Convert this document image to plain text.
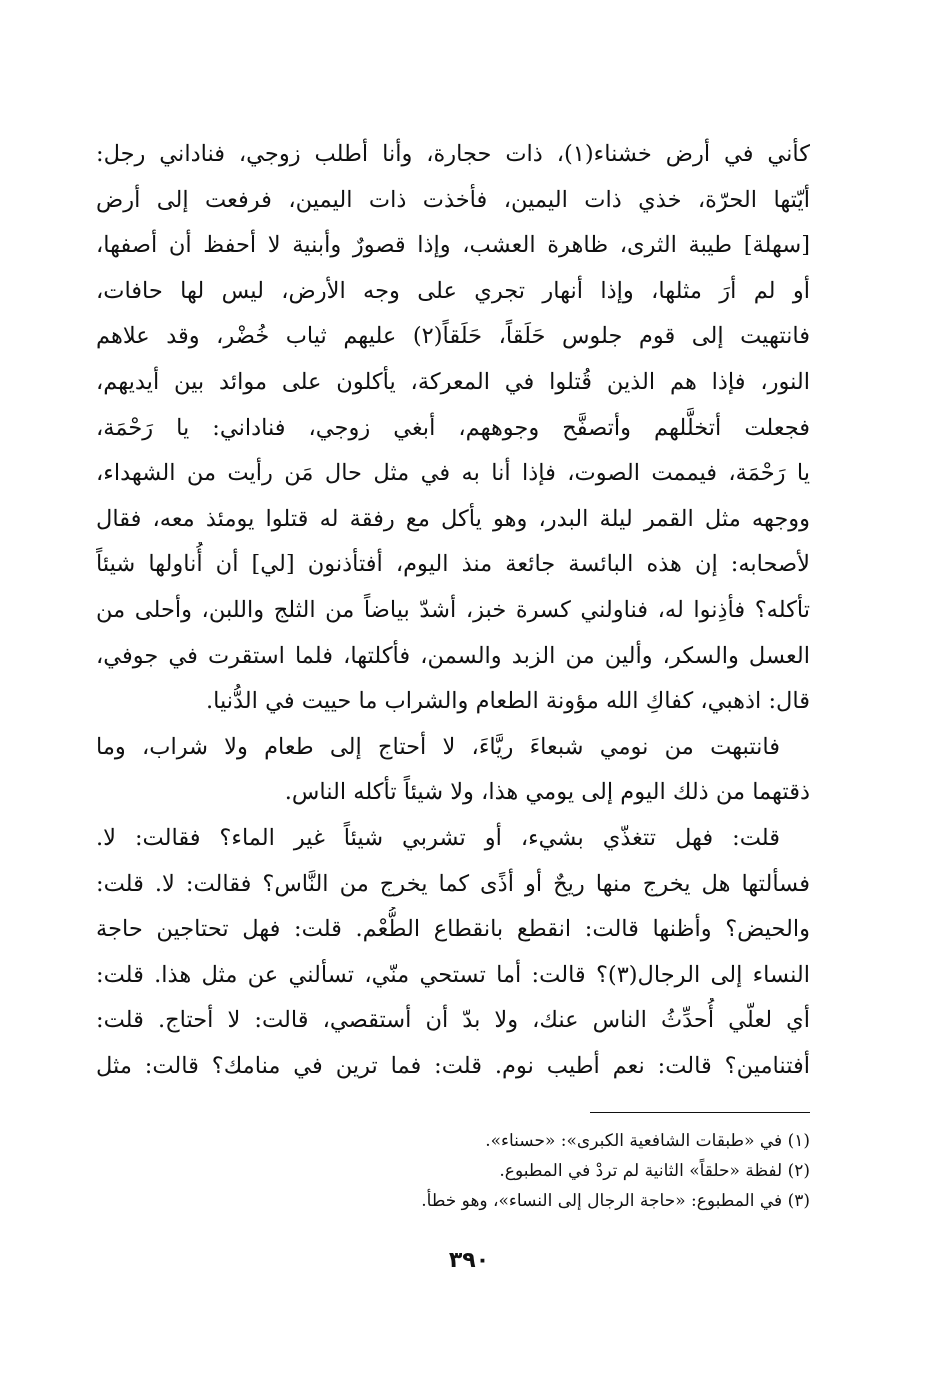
كأني في أرض خشناء(١)، ذات حجارة، وأنا أطلب زوجي، فناداني رجل:
أيّتها الحرّة، خذي ذات اليمين، فأخذت ذات اليمين، فرفعت إلى أرض
[سهلة] طيبة الثرى، ظاهرة العشب، وإذا قصورٌ وأبنية لا أحفظ أن أصفها،
أو لم أرَ مثلها، وإذا أنهار تجري على وجه الأرض، ليس لها حافات،
فانتهيت إلى قوم جلوس حَلَقاً، حَلَقاً(٢) عليهم ثياب خُضْر، وقد علاهم
النور، فإذا هم الذين قُتلوا في المعركة، يأكلون على موائد بين أيديهم،
فجعلت أتخلَّلهم وأتصفَّح وجوههم، أبغي زوجي، فناداني: يا رَحْمَة،
يا رَحْمَة، فيممت الصوت، فإذا أنا به في مثل حال مَن رأيت من الشهداء،
ووجهه مثل القمر ليلة البدر، وهو يأكل مع رفقة له قتلوا يومئذ معه، فقال
لأصحابه: إن هذه البائسة جائعة منذ اليوم، أفتأذنون [لي] أن أُناولها شيئاً
تأكله؟ فأذِنوا له، فناولني كسرة خبز، أشدّ بياضاً من الثلج واللبن، وأحلى من
العسل والسكر، وألين من الزبد والسمن، فأكلتها، فلما استقرت في جوفي،
قال: اذهبي، كفاكِ الله مؤونة الطعام والشراب ما حييت في الدُّنيا.
فانتبهت من نومي شبعاءَ ريَّاءَ، لا أحتاج إلى طعام ولا شراب، وما
ذقتهما من ذلك اليوم إلى يومي هذا، ولا شيئاً تأكله الناس.
قلت: فهل تتغذّي بشيء، أو تشربي شيئاً غير الماء؟ فقالت: لا.
فسألتها هل يخرج منها ريحٌ أو أذًى كما يخرج من النَّاس؟ فقالت: لا. قلت:
والحيض؟ وأظنها قالت: انقطع بانقطاع الطُّعْم. قلت: فهل تحتاجين حاجة
النساء إلى الرجال(٣)؟ قالت: أما تستحي منّي، تسألني عن مثل هذا. قلت:
أي لعلّي أُحدِّثُ الناس عنك، ولا بدّ أن أستقصي، قالت: لا أحتاج. قلت:
أفتنامين؟ قالت: نعم أطيب نوم. قلت: فما ترين في منامك؟ قالت: مثل
(١) في «طبقات الشافعية الكبرى»: «حسناء».
(٢) لفظة «حلقاً» الثانية لم تردْ في المطبوع.
(٣) في المطبوع: «حاجة الرجال إلى النساء»، وهو خطأ.
٣٩٠
